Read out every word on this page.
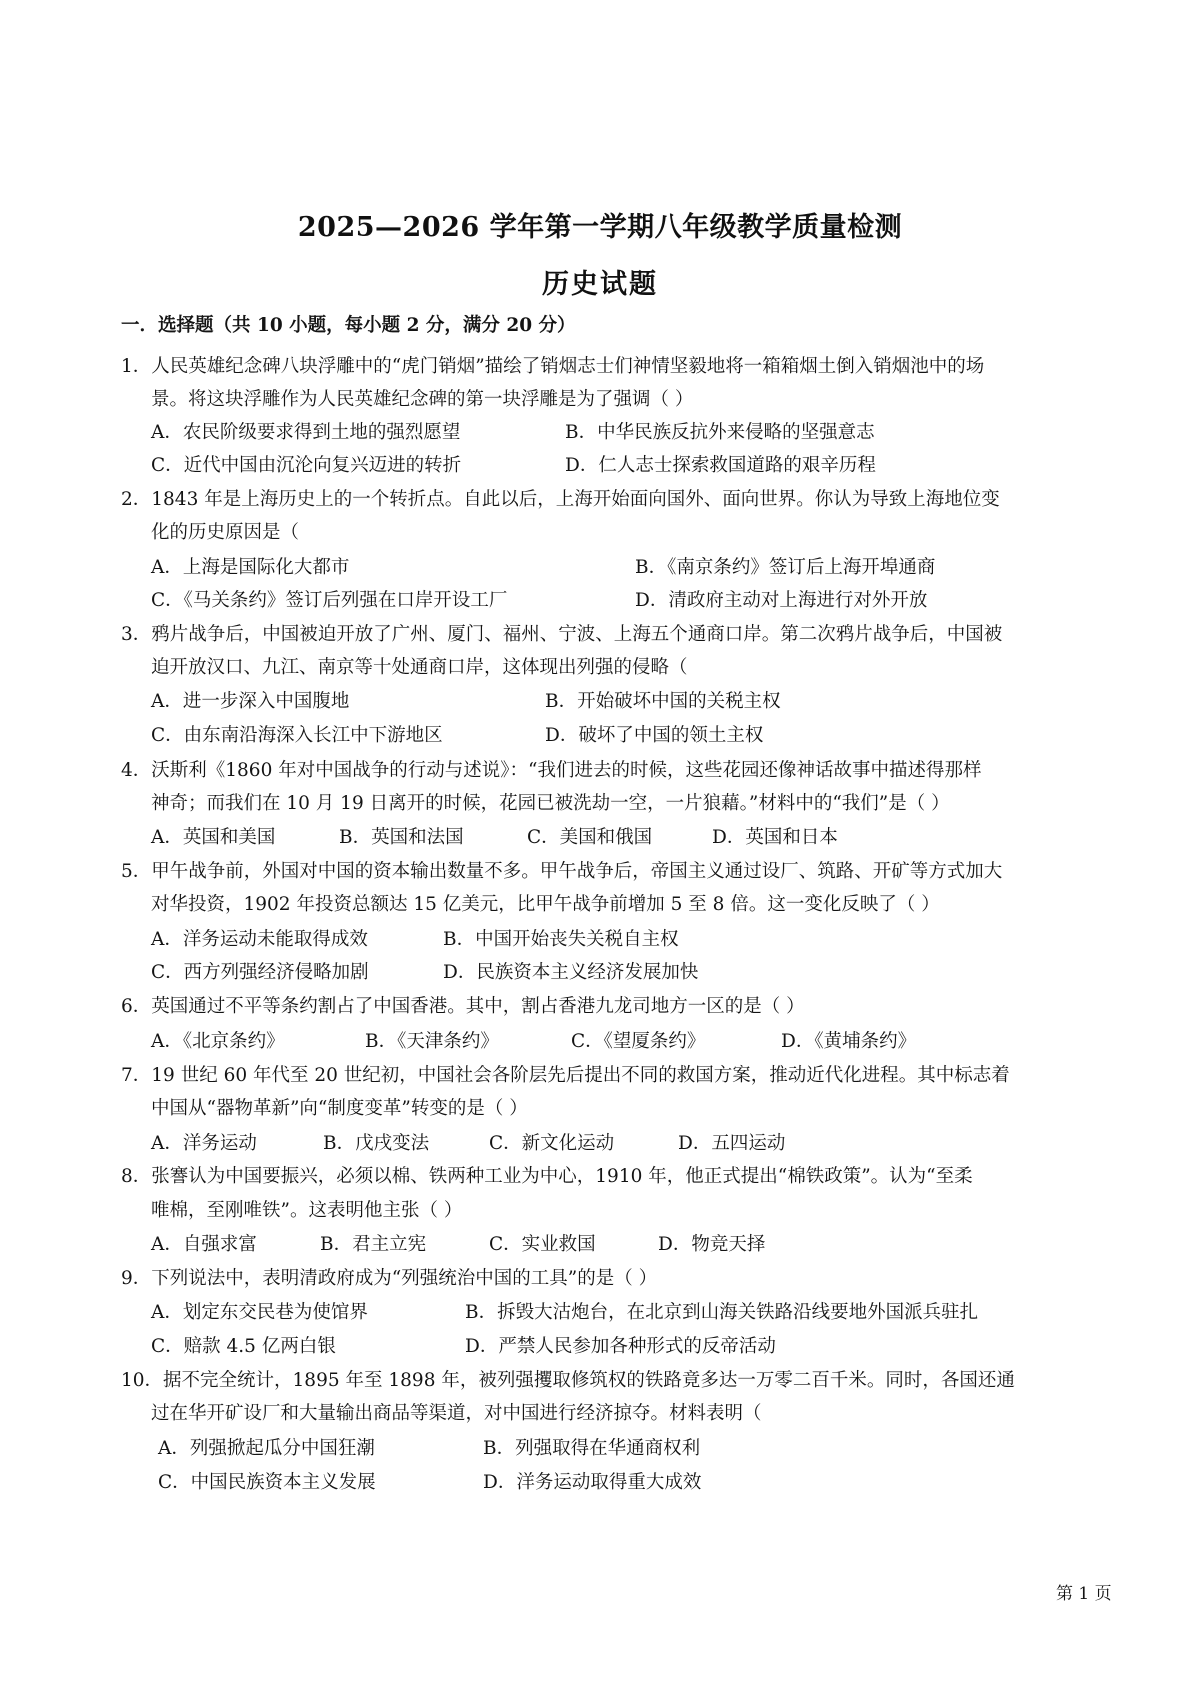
2025—2026 学年第一学期八年级教学质量检测
历史试题
一．选择题（共 10 小题，每小题 2 分，满分 20 分）
1．人民英雄纪念碑八块浮雕中的“虎门销烟”描绘了销烟志士们神情坚毅地将一箱箱烟土倒入销烟池中的场
景。将这块浮雕作为人民英雄纪念碑的第一块浮雕是为了强调（ ）
A．农民阶级要求得到土地的强烈愿望	B．中华民族反抗外来侵略的坚强意志
C．近代中国由沉沦向复兴迈进的转折	D．仁人志士探索救国道路的艰辛历程
2．1843 年是上海历史上的一个转折点。自此以后，上海开始面向国外、面向世界。你认为导致上海地位变
化的历史原因是（
A．上海是国际化大都市	B．《南京条约》签订后上海开埠通商
C．《马关条约》签订后列强在口岸开设工厂	D．清政府主动对上海进行对外开放
3．鸦片战争后，中国被迫开放了广州、厦门、福州、宁波、上海五个通商口岸。第二次鸦片战争后，中国被
迫开放汉口、九江、南京等十处通商口岸，这体现出列强的侵略（
A．进一步深入中国腹地	B．开始破坏中国的关税主权
C．由东南沿海深入长江中下游地区	D．破坏了中国的领土主权
4．沃斯利《1860 年对中国战争的行动与述说》：“我们进去的时候，这些花园还像神话故事中描述得那样
神奇；而我们在 10 月 19 日离开的时候，花园已被洗劫一空，一片狼藉。”材料中的“我们”是（ ）
A．英国和美国	B．英国和法国	C．美国和俄国	D．英国和日本
5．甲午战争前，外国对中国的资本输出数量不多。甲午战争后，帝国主义通过设厂、筑路、开矿等方式加大
对华投资，1902 年投资总额达 15 亿美元，比甲午战争前增加 5 至 8 倍。这一变化反映了（ ）
A．洋务运动未能取得成效	B．中国开始丧失关税自主权
C．西方列强经济侵略加剧	D．民族资本主义经济发展加快
6．英国通过不平等条约割占了中国香港。其中，割占香港九龙司地方一区的是（ ）
A．《北京条约》	B．《天津条约》	C．《望厦条约》	D．《黄埔条约》
7．19 世纪 60 年代至 20 世纪初，中国社会各阶层先后提出不同的救国方案，推动近代化进程。其中标志着
中国从“器物革新”向“制度变革”转变的是（ ）
A．洋务运动	B．戊戌变法	C．新文化运动	D．五四运动
8．张謇认为中国要振兴，必须以棉、铁两种工业为中心，1910 年，他正式提出“棉铁政策”。认为“至柔
唯棉，至刚唯铁”。这表明他主张（ ）
A．自强求富	B．君主立宪	C．实业救国	D．物竞天择
9．下列说法中，表明清政府成为“列强统治中国的工具”的是（ ）
A．划定东交民巷为使馆界	B．拆毁大沽炮台，在北京到山海关铁路沿线要地外国派兵驻扎
C．赔款 4.5 亿两白银	D．严禁人民参加各种形式的反帝活动
10．据不完全统计，1895 年至 1898 年，被列强攫取修筑权的铁路竟多达一万零二百千米。同时，各国还通
过在华开矿设厂和大量输出商品等渠道，对中国进行经济掠夺。材料表明（
A．列强掀起瓜分中国狂潮	B．列强取得在华通商权利
C．中国民族资本主义发展	D．洋务运动取得重大成效
第 1 页
